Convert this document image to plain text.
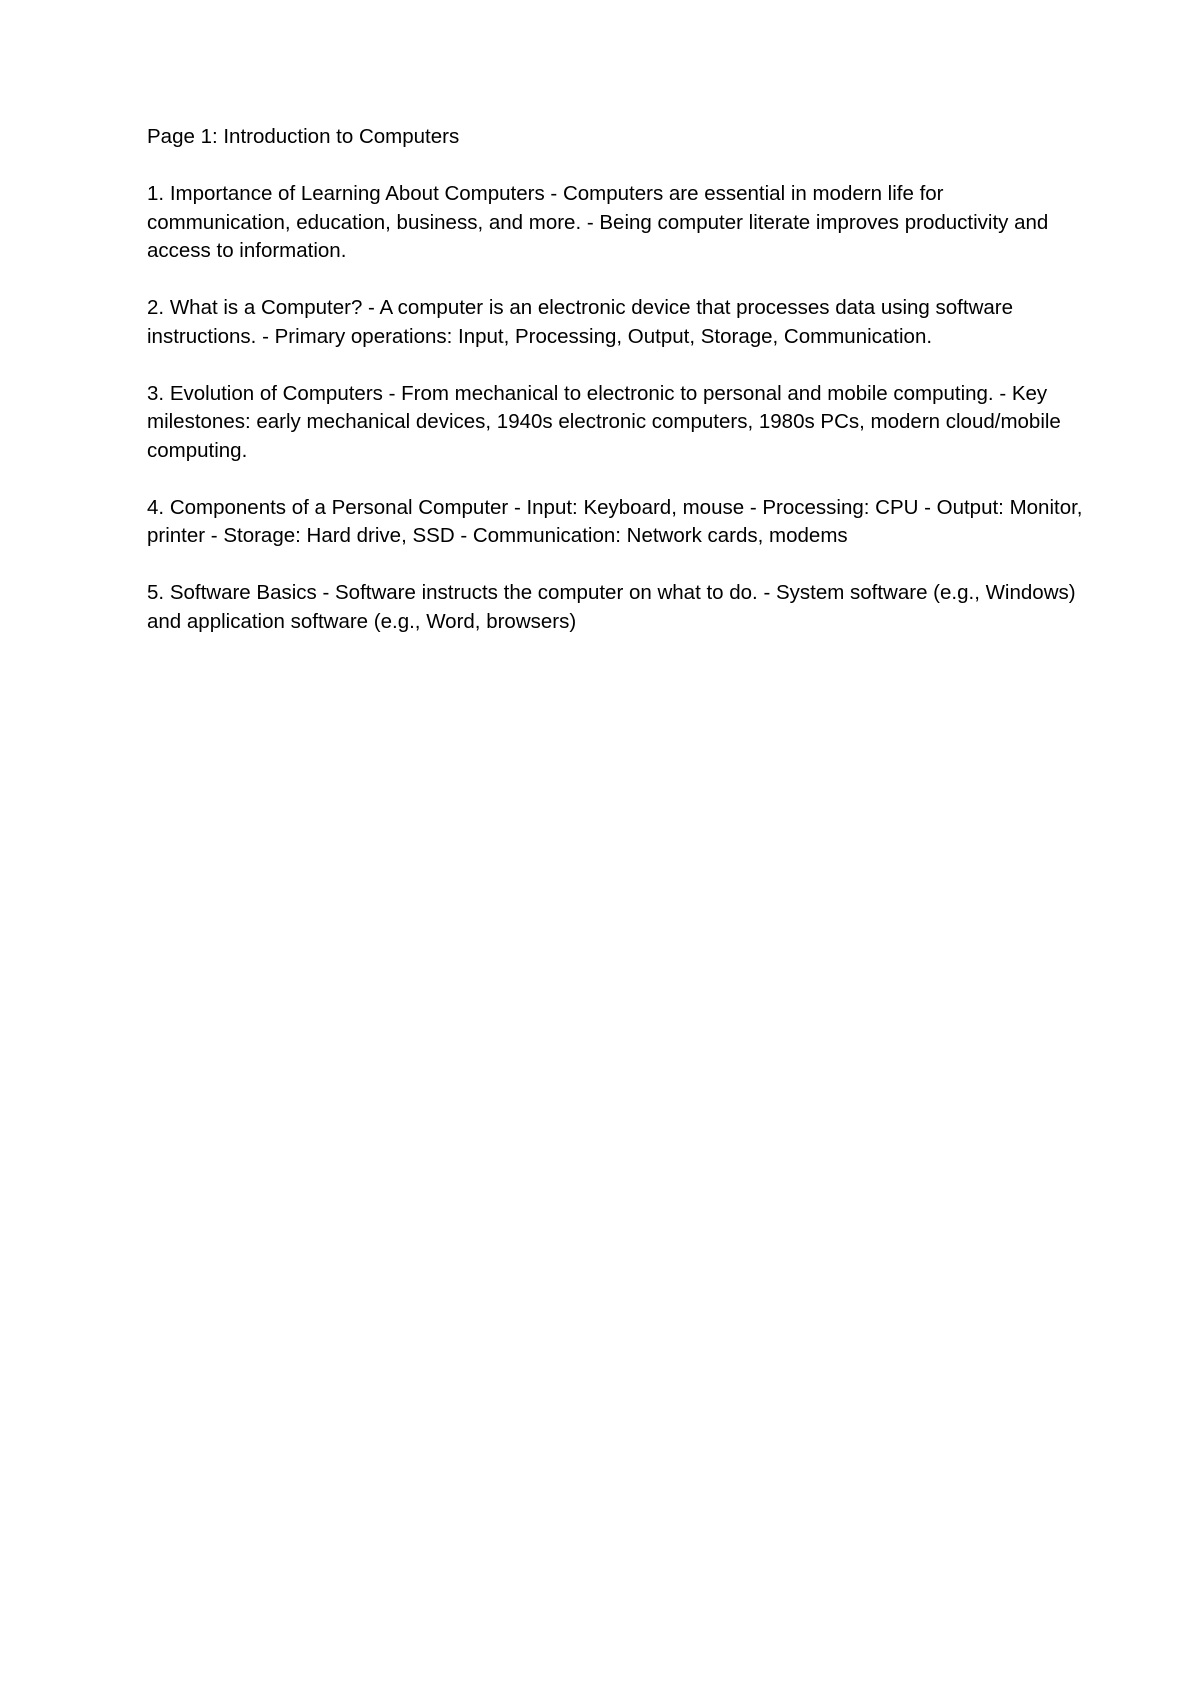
Page 1: Introduction to Computers

1. Importance of Learning About Computers - Computers are essential in modern life for communication, education, business, and more. - Being computer literate improves productivity and access to information.

2. What is a Computer? - A computer is an electronic device that processes data using software instructions. - Primary operations: Input, Processing, Output, Storage, Communication.

3. Evolution of Computers - From mechanical to electronic to personal and mobile computing. - Key milestones: early mechanical devices, 1940s electronic computers, 1980s PCs, modern cloud/mobile computing.

4. Components of a Personal Computer - Input: Keyboard, mouse - Processing: CPU - Output: Monitor, printer - Storage: Hard drive, SSD - Communication: Network cards, modems

5. Software Basics - Software instructs the computer on what to do. - System software (e.g., Windows) and application software (e.g., Word, browsers)
